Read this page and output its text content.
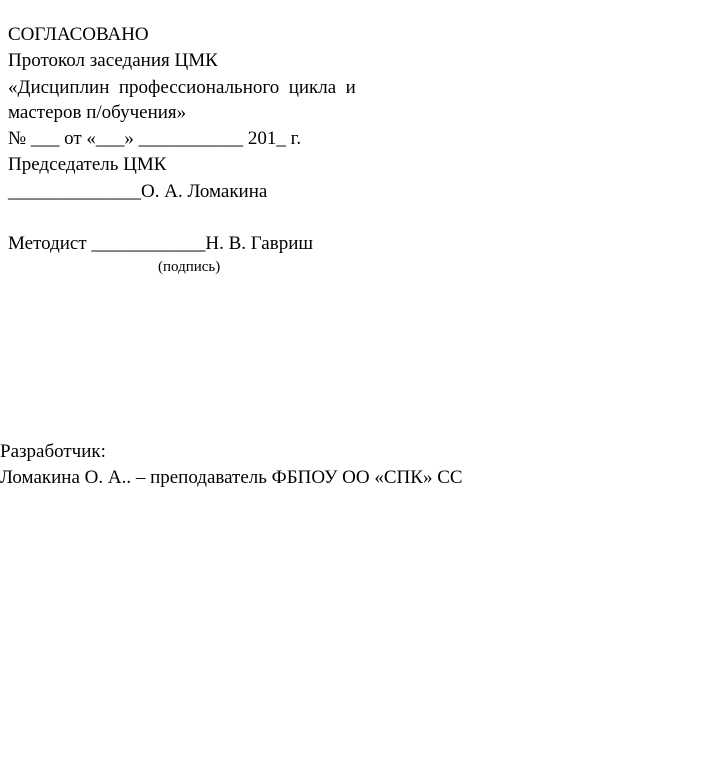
СОГЛАСОВАНО
Протокол заседания ЦМК
«Дисциплин  профессионального  цикла  и
мастеров п/обучения»
№ ___ от «___» ___________ 201_ г.
Председатель ЦМК
______________О. А. Ломакина
Методист ____________Н. В. Гавриш
(подпись)
Разработчик:
Ломакина О. А.. – преподаватель ФБПОУ ОО «СПК» СС
